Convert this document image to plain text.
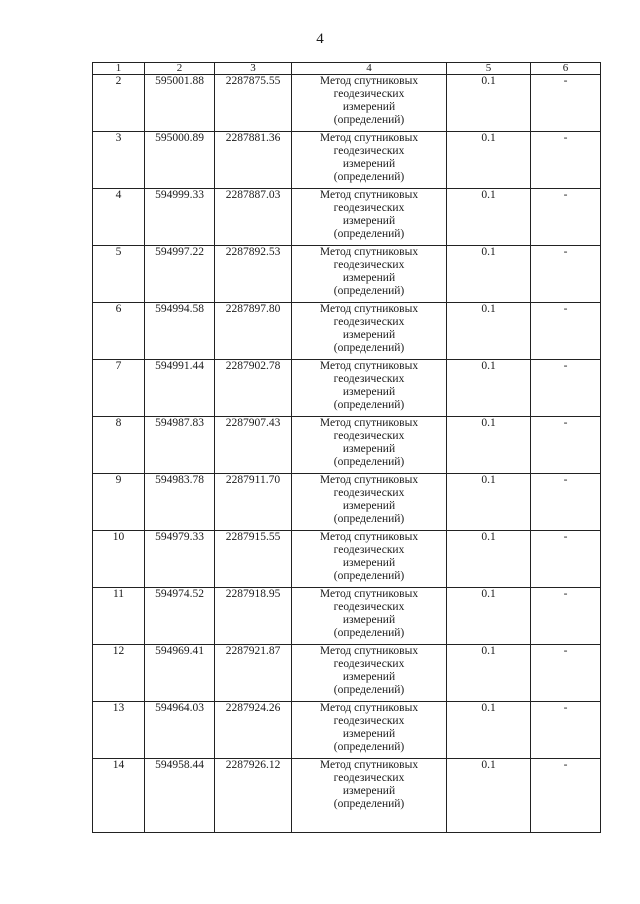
4
1	2	3	4	5	6
2	595001.88	2287875.55	Метод спутниковых
геодезических
измерений
(определений)	0.1	-
3	595000.89	2287881.36	Метод спутниковых
геодезических
измерений
(определений)	0.1	-
4	594999.33	2287887.03	Метод спутниковых
геодезических
измерений
(определений)	0.1	-
5	594997.22	2287892.53	Метод спутниковых
геодезических
измерений
(определений)	0.1	-
6	594994.58	2287897.80	Метод спутниковых
геодезических
измерений
(определений)	0.1	-
7	594991.44	2287902.78	Метод спутниковых
геодезических
измерений
(определений)	0.1	-
8	594987.83	2287907.43	Метод спутниковых
геодезических
измерений
(определений)	0.1	-
9	594983.78	2287911.70	Метод спутниковых
геодезических
измерений
(определений)	0.1	-
10	594979.33	2287915.55	Метод спутниковых
геодезических
измерений
(определений)	0.1	-
11	594974.52	2287918.95	Метод спутниковых
геодезических
измерений
(определений)	0.1	-
12	594969.41	2287921.87	Метод спутниковых
геодезических
измерений
(определений)	0.1	-
13	594964.03	2287924.26	Метод спутниковых
геодезических
измерений
(определений)	0.1	-
14	594958.44	2287926.12	Метод спутниковых
геодезических
измерений
(определений)	0.1	-
